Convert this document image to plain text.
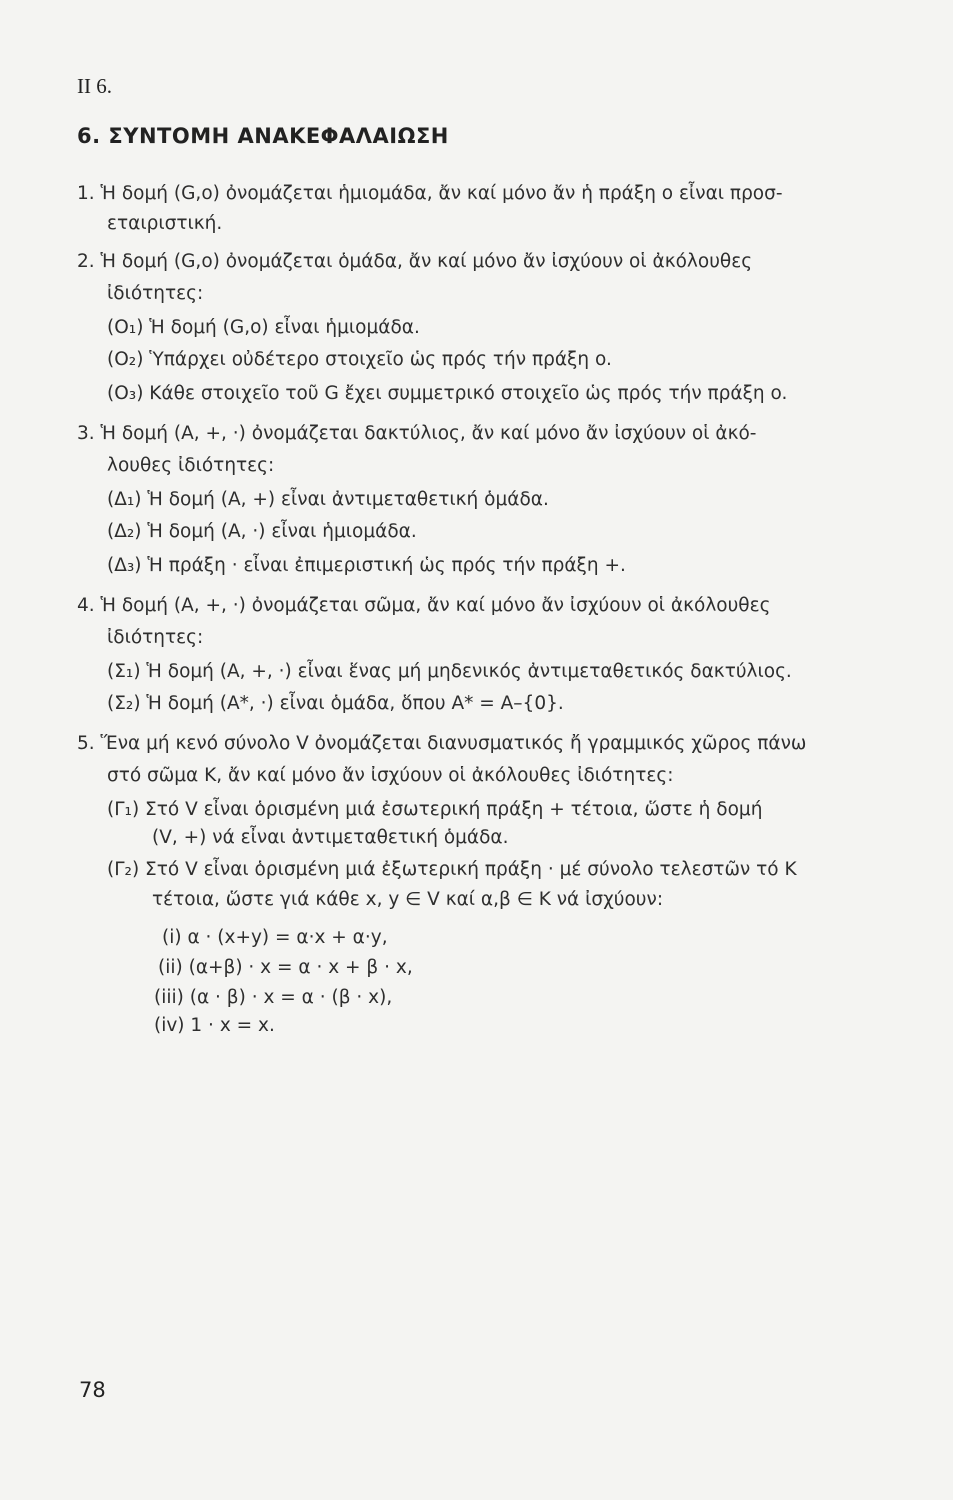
II 6.
6. ΣΥΝΤΟΜΗ ΑΝΑΚΕΦΑΛΑΙΩΣΗ
1. Ἡ δομή (G,o) ὀνομάζεται ἡμιομάδα, ἄν καί μόνο ἄν ἡ πράξη o εἶναι προσ-
εταιριστική.
2. Ἡ δομή (G,o) ὀνομάζεται ὁμάδα, ἄν καί μόνο ἄν ἰσχύουν οἱ ἀκόλουθες
ἰδιότητες:
(O₁) Ἡ δομή (G,o) εἶναι ἡμιομάδα.
(O₂) Ὑπάρχει οὐδέτερο στοιχεῖο ὡς πρός τήν πράξη o.
(O₃) Κάθε στοιχεῖο τοῦ G ἔχει συμμετρικό στοιχεῖο ὡς πρός τήν πράξη o.
3. Ἡ δομή (A, +, ·) ὀνομάζεται δακτύλιος, ἄν καί μόνο ἄν ἰσχύουν οἱ ἀκό-
λουθες ἰδιότητες:
(Δ₁) Ἡ δομή (A, +) εἶναι ἀντιμεταθετική ὁμάδα.
(Δ₂) Ἡ δομή (A, ·) εἶναι ἡμιομάδα.
(Δ₃) Ἡ πράξη · εἶναι ἐπιμεριστική ὡς πρός τήν πράξη +.
4. Ἡ δομή (A, +, ·) ὀνομάζεται σῶμα, ἄν καί μόνο ἄν ἰσχύουν οἱ ἀκόλουθες
ἰδιότητες:
(Σ₁) Ἡ δομή (A, +, ·) εἶναι ἕνας μή μηδενικός ἀντιμεταθετικός δακτύλιος.
(Σ₂) Ἡ δομή (A*, ·) εἶναι ὁμάδα, ὅπου A* = A–{0}.
5. Ἕνα μή κενό σύνολο V ὀνομάζεται διανυσματικός ἤ γραμμικός χῶρος πάνω
στό σῶμα K, ἄν καί μόνο ἄν ἰσχύουν οἱ ἀκόλουθες ἰδιότητες:
(Γ₁) Στό V εἶναι ὁρισμένη μιά ἐσωτερική πράξη + τέτοια, ὥστε ἡ δομή
(V, +) νά εἶναι ἀντιμεταθετική ὁμάδα.
(Γ₂) Στό V εἶναι ὁρισμένη μιά ἐξωτερική πράξη · μέ σύνολο τελεστῶν τό K
τέτοια, ὥστε γιά κάθε x, y ∈ V καί α,β ∈ K νά ἰσχύουν:
(i) α · (x+y) = α·x + α·y,
(ii) (α+β) · x = α · x + β · x,
(iii) (α · β) · x = α · (β · x),
(iv) 1 · x = x.
78
